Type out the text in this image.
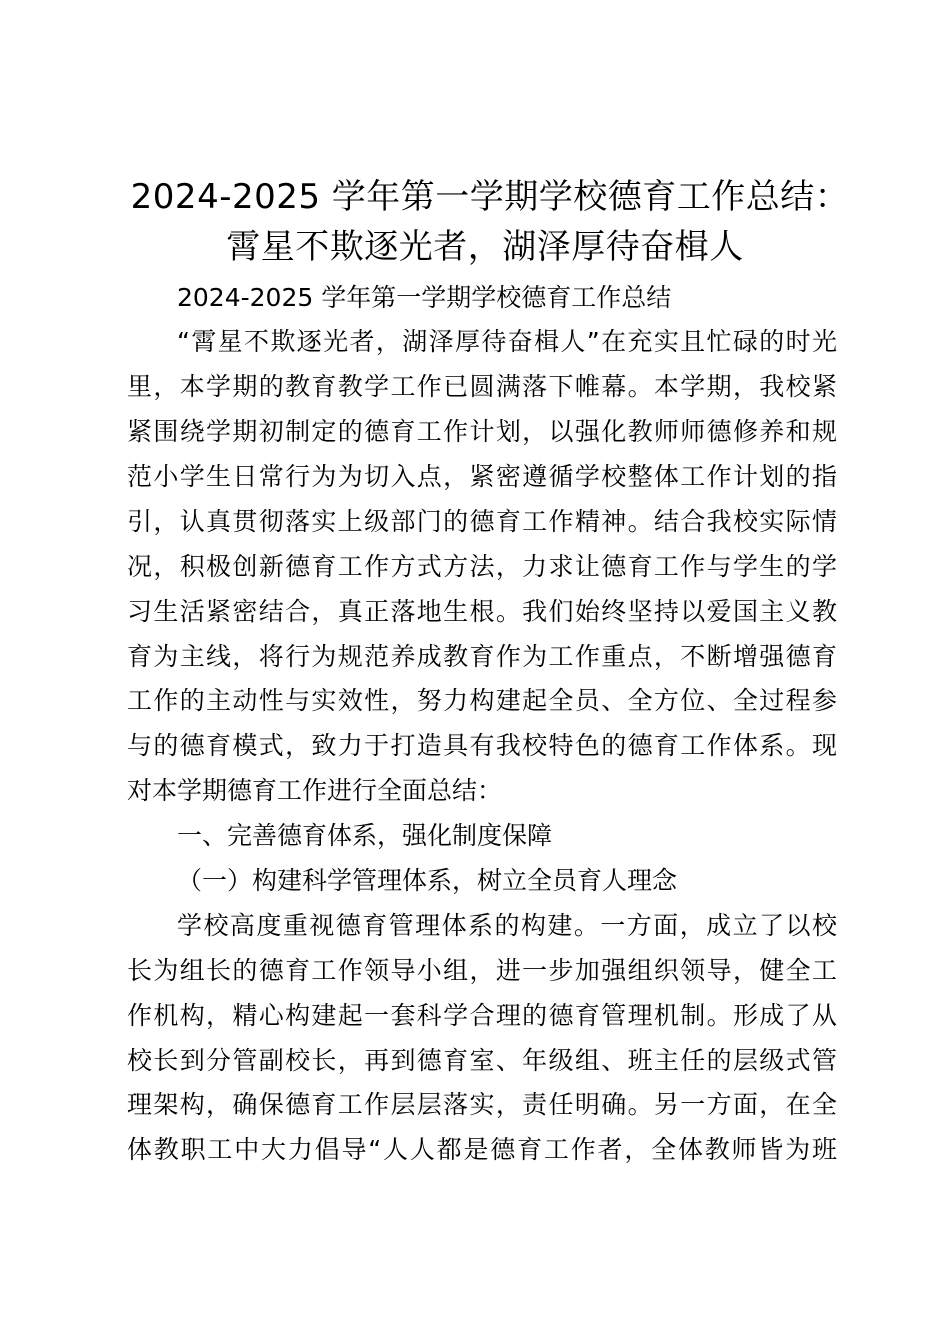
2024-2025 学年第一学期学校德育工作总结：
霄星不欺逐光者，湖泽厚待奋楫人
2024-2025 学年第一学期学校德育工作总结
“霄星不欺逐光者，湖泽厚待奋楫人”在充实且忙碌的时光
里，本学期的教育教学工作已圆满落下帷幕。本学期，我校紧
紧围绕学期初制定的德育工作计划，以强化教师师德修养和规
范小学生日常行为为切入点，紧密遵循学校整体工作计划的指
引，认真贯彻落实上级部门的德育工作精神。结合我校实际情
况，积极创新德育工作方式方法，力求让德育工作与学生的学
习生活紧密结合，真正落地生根。我们始终坚持以爱国主义教
育为主线，将行为规范养成教育作为工作重点，不断增强德育
工作的主动性与实效性，努力构建起全员、全方位、全过程参
与的德育模式，致力于打造具有我校特色的德育工作体系。现
对本学期德育工作进行全面总结：
一、完善德育体系，强化制度保障
（一）构建科学管理体系，树立全员育人理念
学校高度重视德育管理体系的构建。一方面，成立了以校
长为组长的德育工作领导小组，进一步加强组织领导，健全工
作机构，精心构建起一套科学合理的德育管理机制。形成了从
校长到分管副校长，再到德育室、年级组、班主任的层级式管
理架构，确保德育工作层层落实，责任明确。另一方面，在全
体教职工中大力倡导“人人都是德育工作者，全体教师皆为班
